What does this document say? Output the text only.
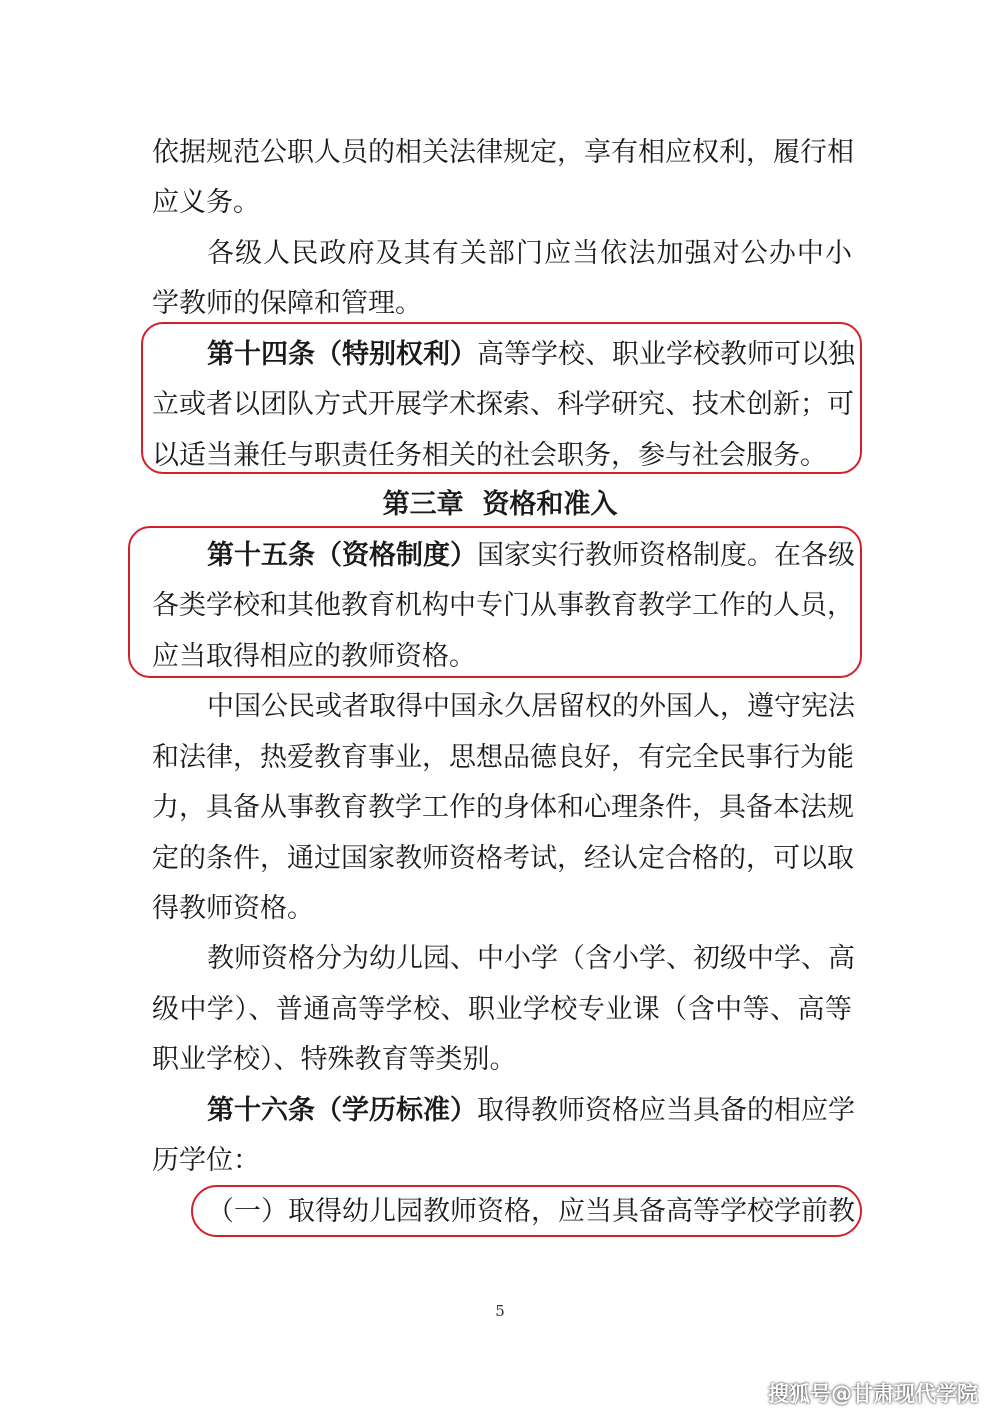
依据规范公职人员的相关法律规定，享有相应权利，履行相
应义务。
各级人民政府及其有关部门应当依法加强对公办中小
学教师的保障和管理。
第十四条（特别权利）高等学校、职业学校教师可以独
立或者以团队方式开展学术探索、科学研究、技术创新；可
以适当兼任与职责任务相关的社会职务，参与社会服务。
第三章  资格和准入
第十五条（资格制度）国家实行教师资格制度。在各级
各类学校和其他教育机构中专门从事教育教学工作的人员，
应当取得相应的教师资格。
中国公民或者取得中国永久居留权的外国人，遵守宪法
和法律，热爱教育事业，思想品德良好，有完全民事行为能
力，具备从事教育教学工作的身体和心理条件，具备本法规
定的条件，通过国家教师资格考试，经认定合格的，可以取
得教师资格。
教师资格分为幼儿园、中小学（含小学、初级中学、高
级中学）、普通高等学校、职业学校专业课（含中等、高等
职业学校）、特殊教育等类别。
第十六条（学历标准）取得教师资格应当具备的相应学
历学位：
（一）取得幼儿园教师资格，应当具备高等学校学前教
5
搜狐号@甘肃现代学院
